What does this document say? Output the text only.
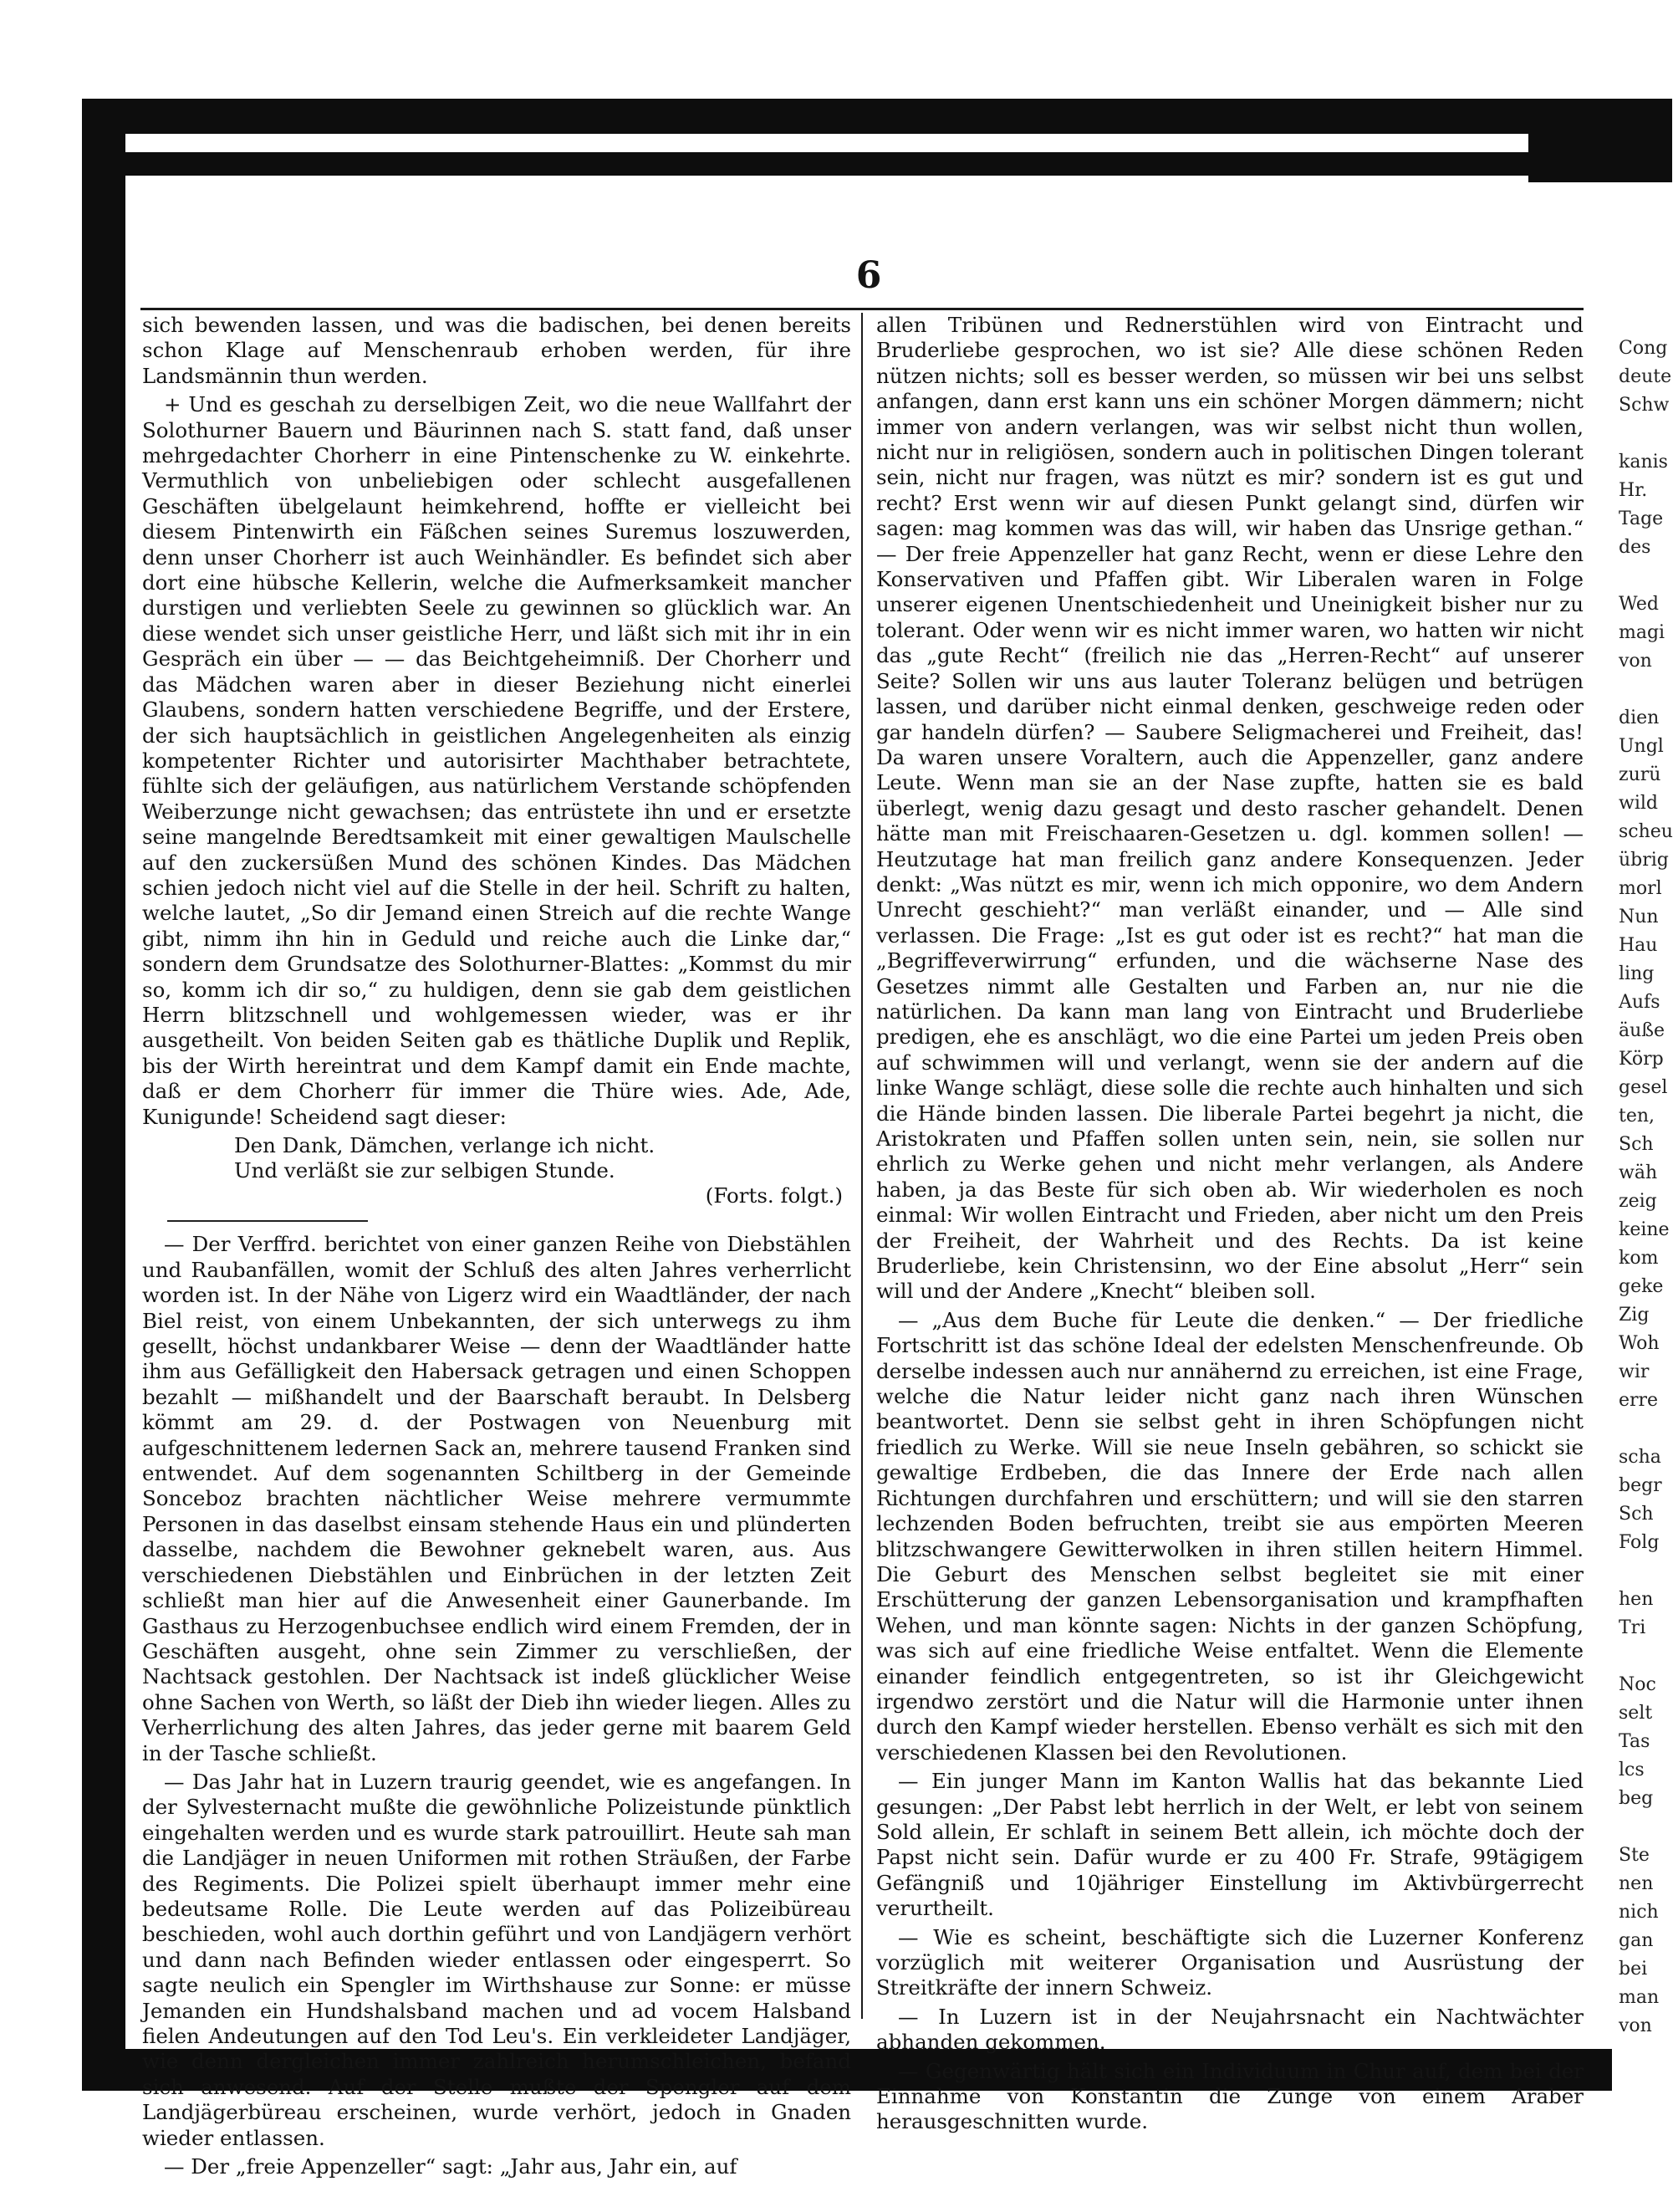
Cong
deute
Schw

kanis
Hr.
Tage
des

Wed
magi
von

dien
Ungl
zurü
wild
scheu
übrig
morl
Nun
Hau
ling
Aufs
äuße
Körp
gesel
ten,
Sch
wäh
zeig
keine
kom
geke
Zig
Woh
wir
erre

scha
begr
Sch
Folg

hen
Tri

Noc
selt
Tas
lcs
beg

Ste
nen
nich
gan
bei
man
von
6

sich bewenden lassen, und was die badischen, bei denen bereits schon Klage auf Menschenraub erhoben werden, für ihre Landsmännin thun werden.

+ Und es geschah zu derselbigen Zeit, wo die neue Wallfahrt der Solothurner Bauern und Bäurinnen nach S. statt fand, daß unser mehrgedachter Chorherr in eine Pintenschenke zu W. einkehrte. Vermuthlich von unbeliebigen oder schlecht ausgefallenen Geschäften übelgelaunt heimkehrend, hoffte er vielleicht bei diesem Pintenwirth ein Fäßchen seines Suremus loszuwerden, denn unser Chorherr ist auch Weinhändler. Es befindet sich aber dort eine hübsche Kellerin, welche die Aufmerksamkeit mancher durstigen und verliebten Seele zu gewinnen so glücklich war. An diese wendet sich unser geistliche Herr, und läßt sich mit ihr in ein Gespräch ein über — — das Beichtgeheimniß. Der Chorherr und das Mädchen waren aber in dieser Beziehung nicht einerlei Glaubens, sondern hatten verschiedene Begriffe, und der Erstere, der sich hauptsächlich in geistlichen Angelegenheiten als einzig kompetenter Richter und autorisirter Machthaber betrachtete, fühlte sich der geläufigen, aus natürlichem Verstande schöpfenden Weiberzunge nicht gewachsen; das entrüstete ihn und er ersetzte seine mangelnde Beredtsamkeit mit einer gewaltigen Maulschelle auf den zuckersüßen Mund des schönen Kindes. Das Mädchen schien jedoch nicht viel auf die Stelle in der heil. Schrift zu halten, welche lautet, „So dir Jemand einen Streich auf die rechte Wange gibt, nimm ihn hin in Geduld und reiche auch die Linke dar,“ sondern dem Grundsatze des Solothurner-Blattes: „Kommst du mir so, komm ich dir so,“ zu huldigen, denn sie gab dem geistlichen Herrn blitzschnell und wohlgemessen wieder, was er ihr ausgetheilt. Von beiden Seiten gab es thätliche Duplik und Replik, bis der Wirth hereintrat und dem Kampf damit ein Ende machte, daß er dem Chorherr für immer die Thüre wies. Ade, Ade, Kunigunde! Scheidend sagt dieser:

Den Dank, Dämchen, verlange ich nicht.
Und verläßt sie zur selbigen Stunde.
(Forts. folgt.)

— Der Verffrd. berichtet von einer ganzen Reihe von Diebstählen und Raubanfällen, womit der Schluß des alten Jahres verherrlicht worden ist. In der Nähe von Ligerz wird ein Waadtländer, der nach Biel reist, von einem Unbekannten, der sich unterwegs zu ihm gesellt, höchst undankbarer Weise — denn der Waadtländer hatte ihm aus Gefälligkeit den Habersack getragen und einen Schoppen bezahlt — mißhandelt und der Baarschaft beraubt. In Delsberg kömmt am 29. d. der Postwagen von Neuenburg mit aufgeschnittenem ledernen Sack an, mehrere tausend Franken sind entwendet. Auf dem sogenannten Schiltberg in der Gemeinde Sonceboz brachten nächtlicher Weise mehrere vermummte Personen in das daselbst einsam stehende Haus ein und plünderten dasselbe, nachdem die Bewohner geknebelt waren, aus. Aus verschiedenen Diebstählen und Einbrüchen in der letzten Zeit schließt man hier auf die Anwesenheit einer Gaunerbande. Im Gasthaus zu Herzogenbuchsee endlich wird einem Fremden, der in Geschäften ausgeht, ohne sein Zimmer zu verschließen, der Nachtsack gestohlen. Der Nachtsack ist indeß glücklicher Weise ohne Sachen von Werth, so läßt der Dieb ihn wieder liegen. Alles zu Verherrlichung des alten Jahres, das jeder gerne mit baarem Geld in der Tasche schließt.

— Das Jahr hat in Luzern traurig geendet, wie es angefangen. In der Sylvesternacht mußte die gewöhnliche Polizeistunde pünktlich eingehalten werden und es wurde stark patrouillirt. Heute sah man die Landjäger in neuen Uniformen mit rothen Sträußen, der Farbe des Regiments. Die Polizei spielt überhaupt immer mehr eine bedeutsame Rolle. Die Leute werden auf das Polizeibüreau beschieden, wohl auch dorthin geführt und von Landjägern verhört und dann nach Befinden wieder entlassen oder eingesperrt. So sagte neulich ein Spengler im Wirthshause zur Sonne: er müsse Jemanden ein Hundshalsband machen und ad vocem Halsband fielen Andeutungen auf den Tod Leu's. Ein verkleideter Landjäger, wie denn dergleichen immer zahlreich herumschleichen, befand sich anwesend. Auf der Stelle mußte der Spengler auf dem Landjägerbüreau erscheinen, wurde verhört, jedoch in Gnaden wieder entlassen.

— Der „freie Appenzeller“ sagt: „Jahr aus, Jahr ein, auf

allen Tribünen und Rednerstühlen wird von Eintracht und Bruderliebe gesprochen, wo ist sie? Alle diese schönen Reden nützen nichts; soll es besser werden, so müssen wir bei uns selbst anfangen, dann erst kann uns ein schöner Morgen dämmern; nicht immer von andern verlangen, was wir selbst nicht thun wollen, nicht nur in religiösen, sondern auch in politischen Dingen tolerant sein, nicht nur fragen, was nützt es mir? sondern ist es gut und recht? Erst wenn wir auf diesen Punkt gelangt sind, dürfen wir sagen: mag kommen was das will, wir haben das Unsrige gethan.“ — Der freie Appenzeller hat ganz Recht, wenn er diese Lehre den Konservativen und Pfaffen gibt. Wir Liberalen waren in Folge unserer eigenen Unentschiedenheit und Uneinigkeit bisher nur zu tolerant. Oder wenn wir es nicht immer waren, wo hatten wir nicht das „gute Recht“ (freilich nie das „Herren-Recht“ auf unserer Seite? Sollen wir uns aus lauter Toleranz belügen und betrügen lassen, und darüber nicht einmal denken, geschweige reden oder gar handeln dürfen? — Saubere Seligmacherei und Freiheit, das! Da waren unsere Voraltern, auch die Appenzeller, ganz andere Leute. Wenn man sie an der Nase zupfte, hatten sie es bald überlegt, wenig dazu gesagt und desto rascher gehandelt. Denen hätte man mit Freischaaren-Gesetzen u. dgl. kommen sollen! — Heutzutage hat man freilich ganz andere Konsequenzen. Jeder denkt: „Was nützt es mir, wenn ich mich opponire, wo dem Andern Unrecht geschieht?“ man verläßt einander, und — Alle sind verlassen. Die Frage: „Ist es gut oder ist es recht?“ hat man die „Begriffeverwirrung“ erfunden, und die wächserne Nase des Gesetzes nimmt alle Gestalten und Farben an, nur nie die natürlichen. Da kann man lang von Eintracht und Bruderliebe predigen, ehe es anschlägt, wo die eine Partei um jeden Preis oben auf schwimmen will und verlangt, wenn sie der andern auf die linke Wange schlägt, diese solle die rechte auch hinhalten und sich die Hände binden lassen. Die liberale Partei begehrt ja nicht, die Aristokraten und Pfaffen sollen unten sein, nein, sie sollen nur ehrlich zu Werke gehen und nicht mehr verlangen, als Andere haben, ja das Beste für sich oben ab. Wir wiederholen es noch einmal: Wir wollen Eintracht und Frieden, aber nicht um den Preis der Freiheit, der Wahrheit und des Rechts. Da ist keine Bruderliebe, kein Christensinn, wo der Eine absolut „Herr“ sein will und der Andere „Knecht“ bleiben soll.

— „Aus dem Buche für Leute die denken.“ — Der friedliche Fortschritt ist das schöne Ideal der edelsten Menschenfreunde. Ob derselbe indessen auch nur annähernd zu erreichen, ist eine Frage, welche die Natur leider nicht ganz nach ihren Wünschen beantwortet. Denn sie selbst geht in ihren Schöpfungen nicht friedlich zu Werke. Will sie neue Inseln gebähren, so schickt sie gewaltige Erdbeben, die das Innere der Erde nach allen Richtungen durchfahren und erschüttern; und will sie den starren lechzenden Boden befruchten, treibt sie aus empörten Meeren blitzschwangere Gewitterwolken in ihren stillen heitern Himmel. Die Geburt des Menschen selbst begleitet sie mit einer Erschütterung der ganzen Lebensorganisation und krampfhaften Wehen, und man könnte sagen: Nichts in der ganzen Schöpfung, was sich auf eine friedliche Weise entfaltet. Wenn die Elemente einander feindlich entgegentreten, so ist ihr Gleichgewicht irgendwo zerstört und die Natur will die Harmonie unter ihnen durch den Kampf wieder herstellen. Ebenso verhält es sich mit den verschiedenen Klassen bei den Revolutionen.

— Ein junger Mann im Kanton Wallis hat das bekannte Lied gesungen: „Der Pabst lebt herrlich in der Welt, er lebt von seinem Sold allein, Er schlaft in seinem Bett allein, ich möchte doch der Papst nicht sein. Dafür wurde er zu 400 Fr. Strafe, 99tägigem Gefängniß und 10jähriger Einstellung im Aktivbürgerrecht verurtheilt.

— Wie es scheint, beschäftigte sich die Luzerner Konferenz vorzüglich mit weiterer Organisation und Ausrüstung der Streitkräfte der innern Schweiz.

— In Luzern ist in der Neujahrsnacht ein Nachtwächter abhanden gekommen.

— Gegenwärtig hält sich ein Individuum in Chur auf, dem bei der Einnahme von Konstantin die Zunge von einem Araber herausgeschnitten wurde.
